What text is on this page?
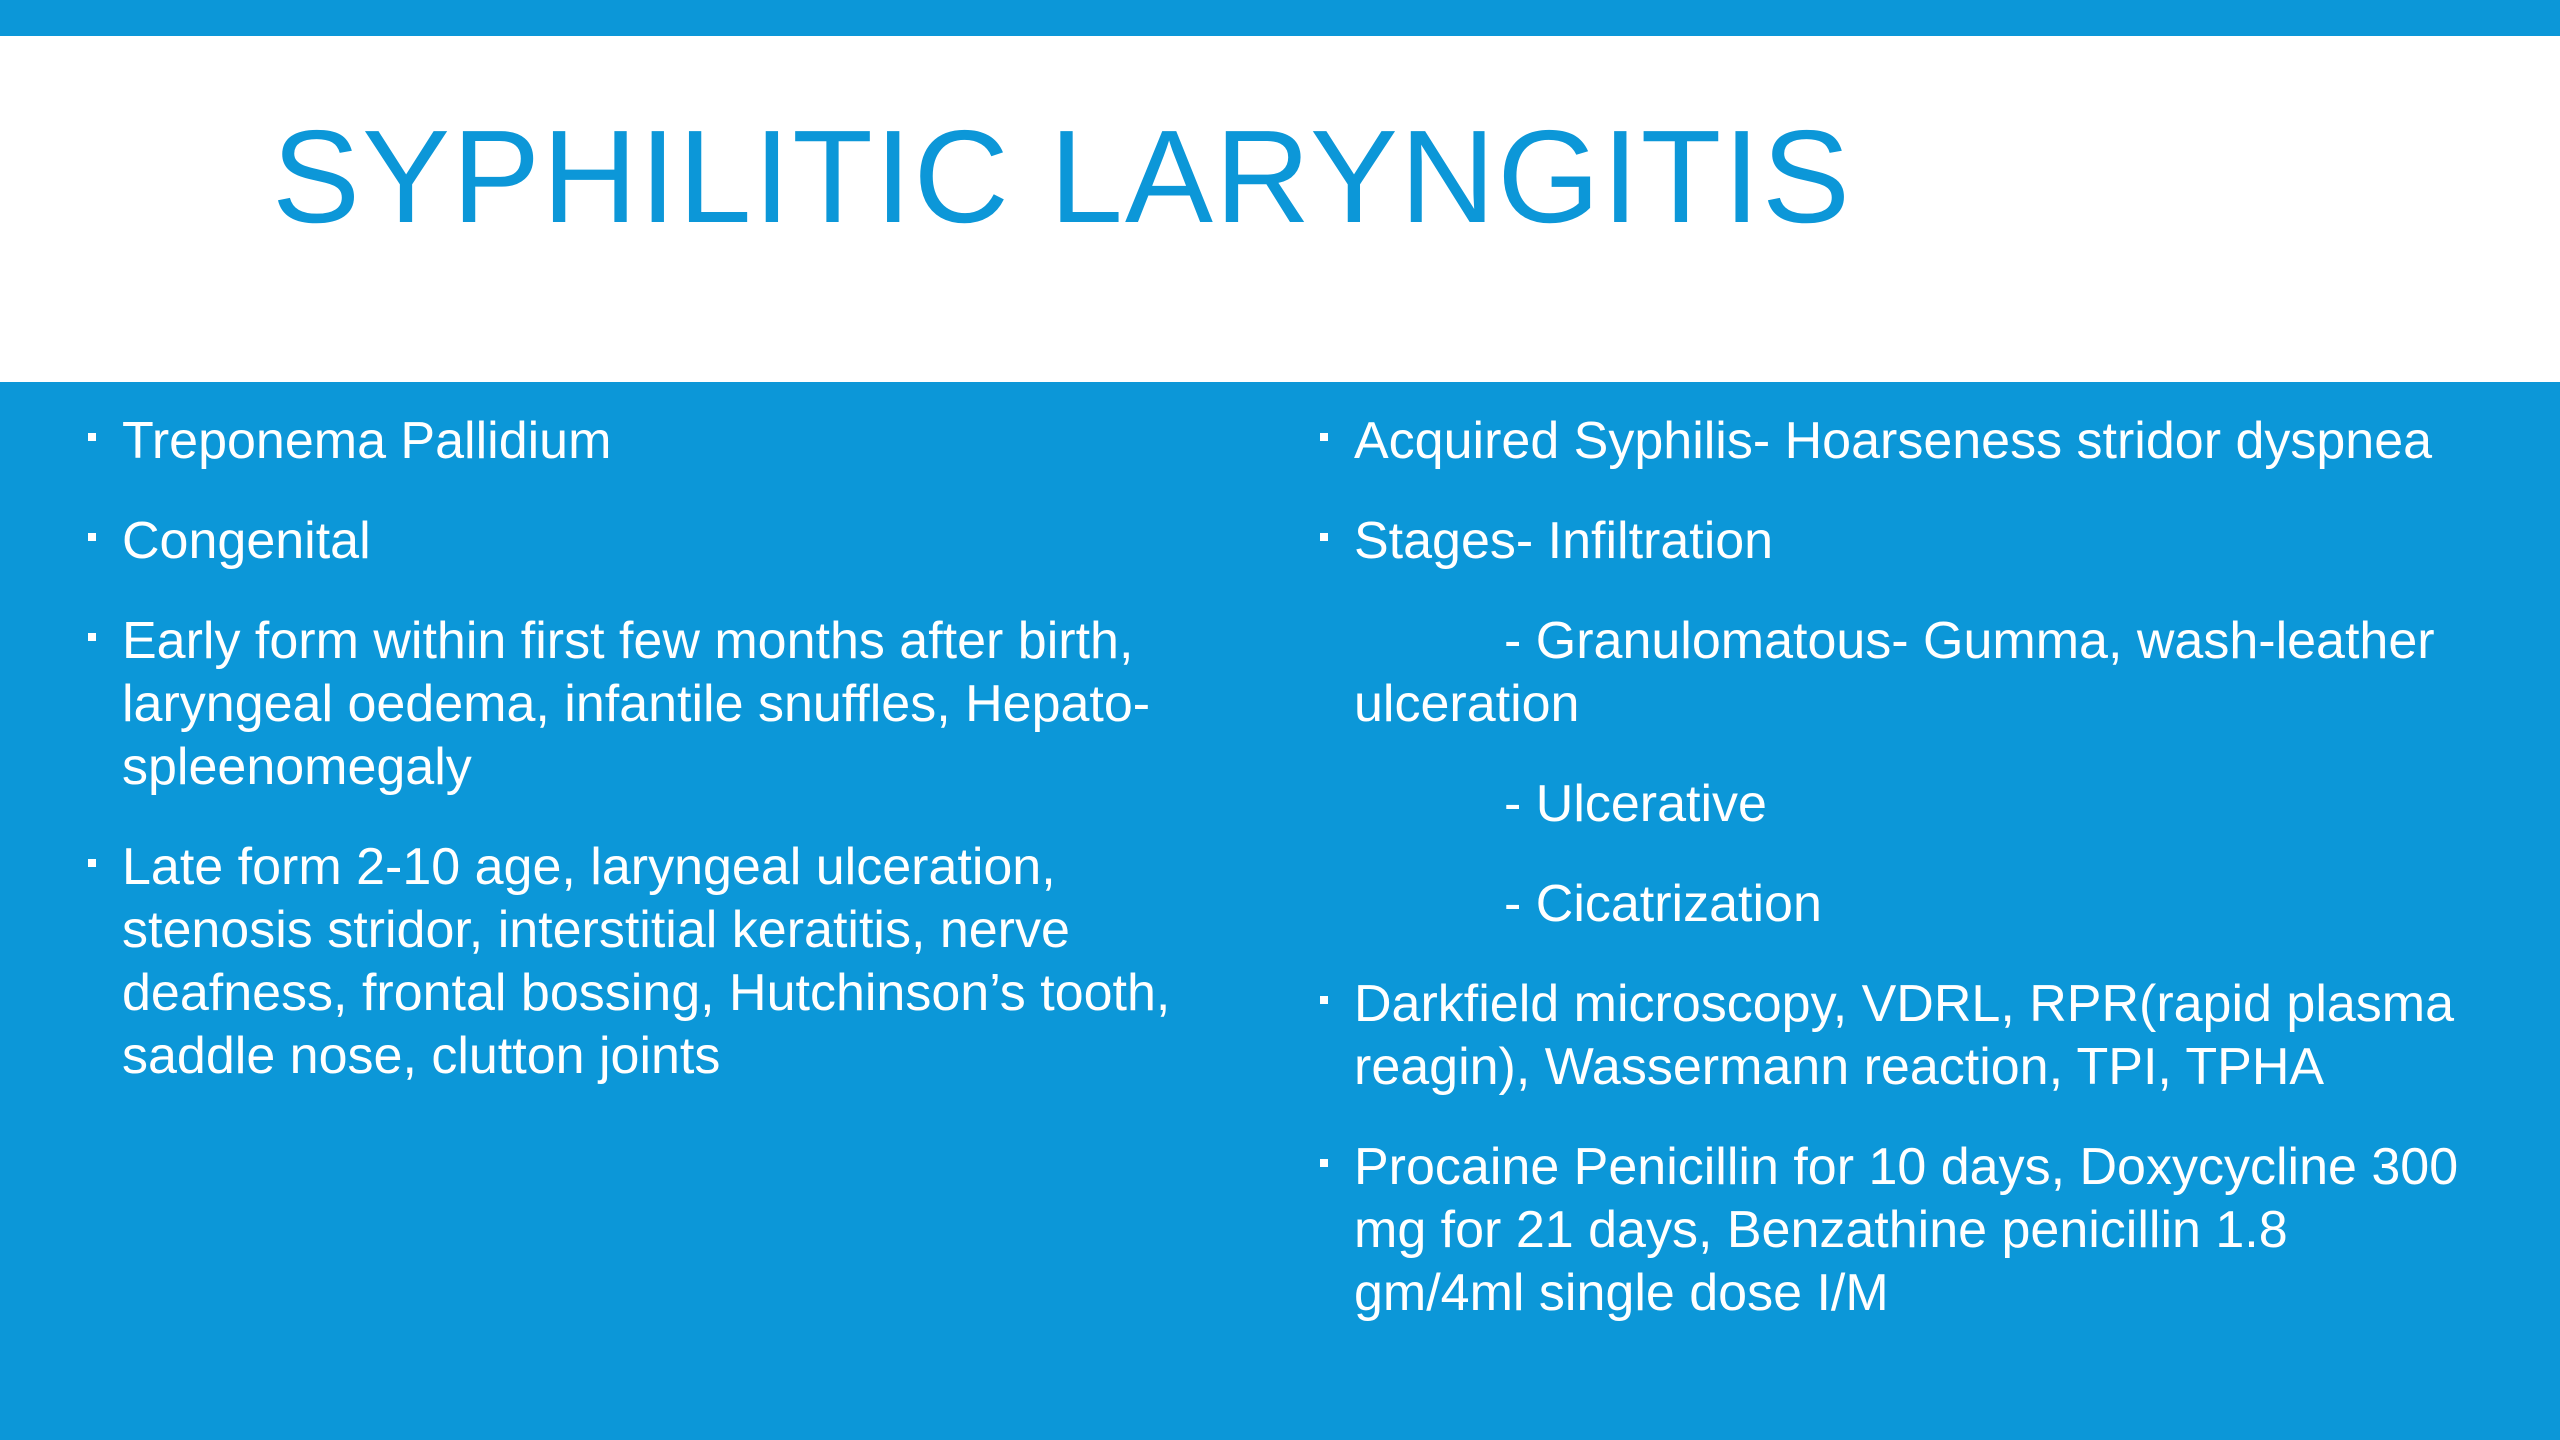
SYPHILITIC LARYNGITIS
Treponema Pallidium
Congenital
Early form within first few months after birth,
laryngeal oedema, infantile snuffles, Hepato-
spleenomegaly
Late form 2-10 age, laryngeal ulceration,
stenosis stridor, interstitial keratitis, nerve
deafness, frontal bossing, Hutchinson’s tooth,
saddle nose, clutton joints
Acquired Syphilis- Hoarseness stridor dyspnea
Stages- Infiltration
- Granulomatous- Gumma, wash-leather
ulceration
- Ulcerative
- Cicatrization
Darkfield microscopy, VDRL, RPR(rapid plasma
reagin), Wassermann reaction, TPI, TPHA
Procaine Penicillin for 10 days, Doxycycline 300
mg for 21 days, Benzathine penicillin 1.8
gm/4ml single dose I/M
